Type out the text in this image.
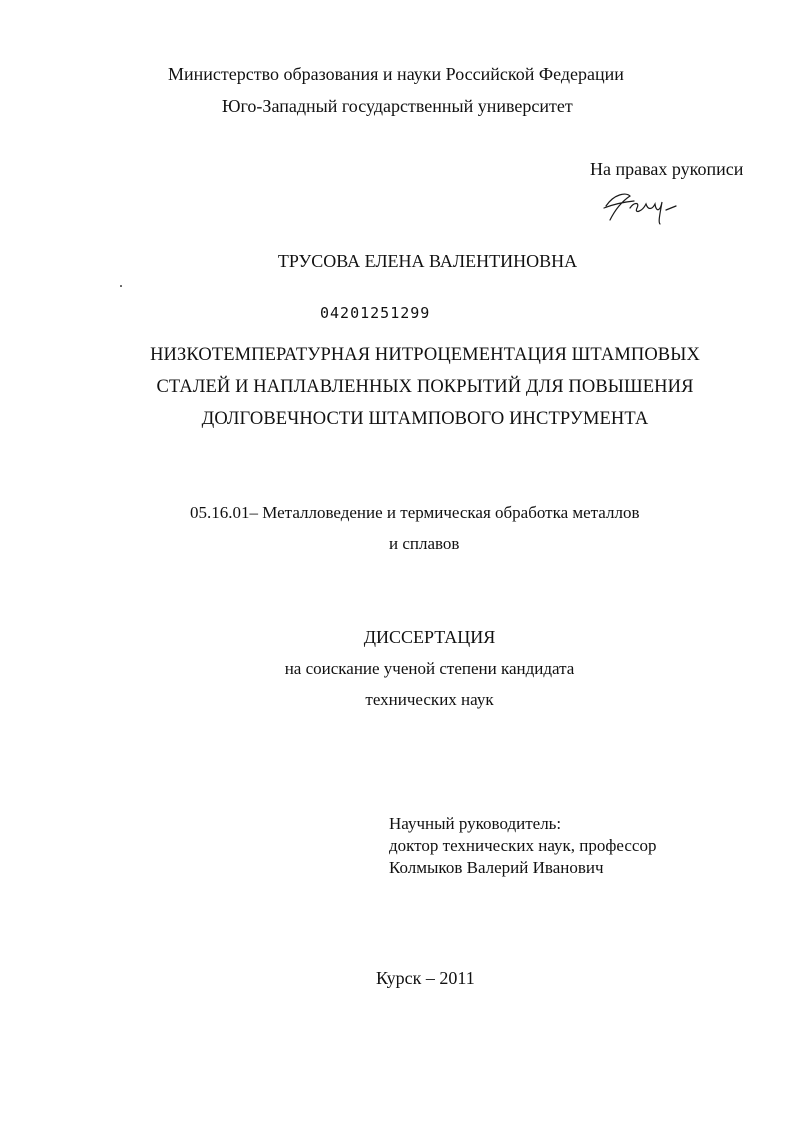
Министерство образования и науки Российской Федерации
Юго-Западный государственный университет
На правах рукописи
ТРУСОВА ЕЛЕНА ВАЛЕНТИНОВНА
04201251299
НИЗКОТЕМПЕРАТУРНАЯ НИТРОЦЕМЕНТАЦИЯ ШТАМПОВЫХ
СТАЛЕЙ И НАПЛАВЛЕННЫХ ПОКРЫТИЙ ДЛЯ ПОВЫШЕНИЯ
ДОЛГОВЕЧНОСТИ ШТАМПОВОГО ИНСТРУМЕНТА
05.16.01– Металловедение и термическая обработка металлов
и сплавов
ДИССЕРТАЦИЯ
на соискание ученой степени кандидата
технических наук
Научный руководитель:
доктор технических наук, профессор
Колмыков Валерий Иванович
Курск – 2011
